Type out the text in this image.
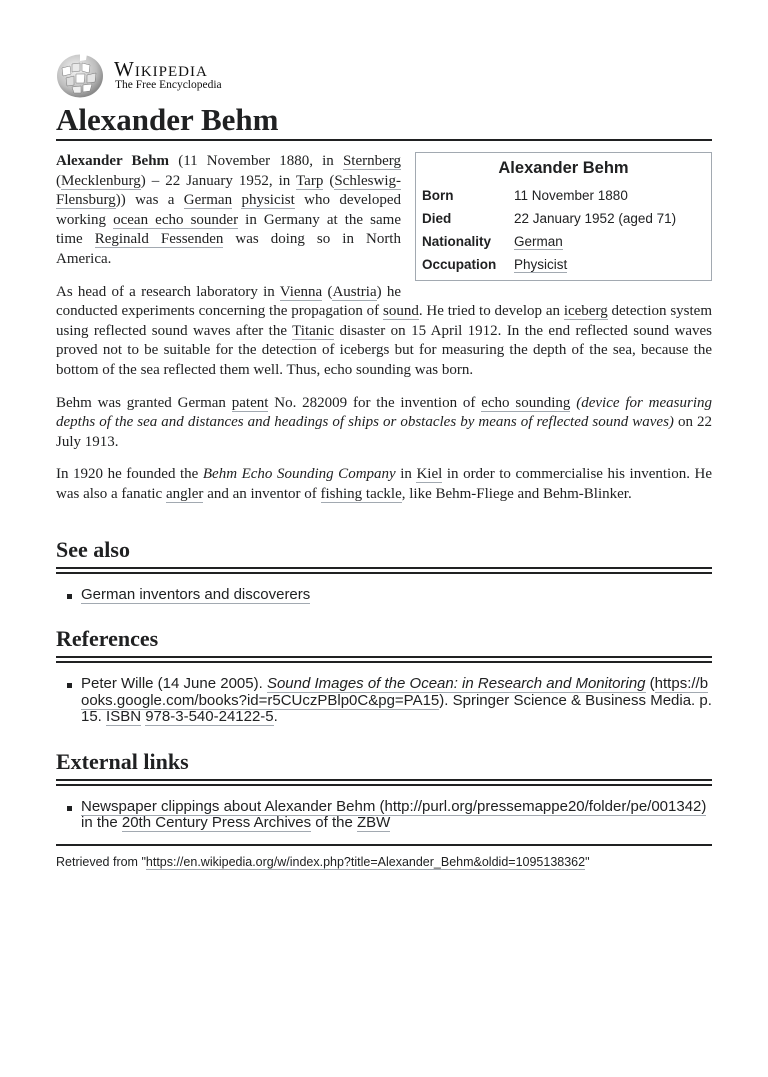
Wikipedia
The Free Encyclopedia
Alexander Behm
Alexander Behm
Born	11 November 1880
Died	22 January 1952 (aged 71)
Nationality	German
Occupation	Physicist

Alexander Behm (11 November 1880, in Sternberg (Mecklenburg) – 22 January 1952, in Tarp (Schleswig-Flensburg)) was a German physicist who developed working ocean echo sounder in Germany at the same time Reginald Fessenden was doing so in North America.

As head of a research laboratory in Vienna (Austria) he conducted experiments concerning the propagation of sound. He tried to develop an iceberg detection system using reflected sound waves after the Titanic disaster on 15 April 1912. In the end reflected sound waves proved not to be suitable for the detection of icebergs but for measuring the depth of the sea, because the bottom of the sea reflected them well. Thus, echo sounding was born.

Behm was granted German patent No. 282009 for the invention of echo sounding (device for measuring depths of the sea and distances and headings of ships or obstacles by means of reflected sound waves) on 22 July 1913.

In 1920 he founded the Behm Echo Sounding Company in Kiel in order to commercialise his invention. He was also a fanatic angler and an inventor of fishing tackle, like Behm-Fliege and Behm-Blinker.

See also
German inventors and discoverers
References
Peter Wille (14 June 2005). Sound Images of the Ocean: in Research and Monitoring (https://books.google.com/books?id=r5CUczPBlp0C&pg=PA15). Springer Science & Business Media. p. 15. ISBN 978-3-540-24122-5.
External links
Newspaper clippings about Alexander Behm (http://purl.org/pressemappe20/folder/pe/001342) in the 20th Century Press Archives of the ZBW
Retrieved from "https://en.wikipedia.org/w/index.php?title=Alexander_Behm&oldid=1095138362"
